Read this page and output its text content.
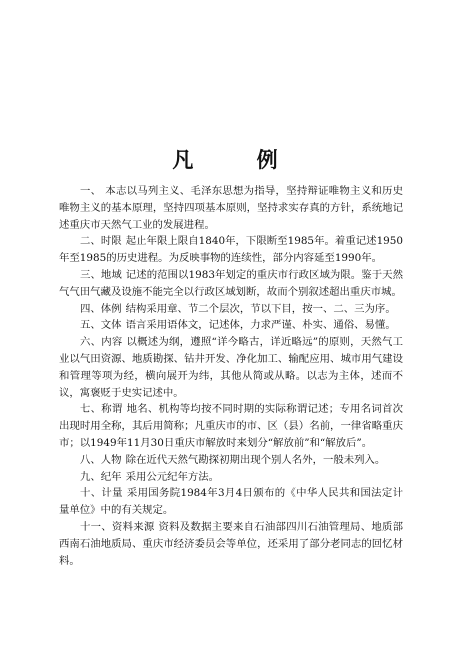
凡 例

一、 本志以马列主义、毛泽东思想为指导，坚持辩证唯物主义和历史唯物主义的基本原理，坚持四项基本原则，坚持求实存真的方针，系统地记述重庆市天然气工业的发展进程。

二、时限 起止年限上限自1840年，下限断至1985年。着重记述1950年至1985的历史进程。为反映事物的连续性，部分内容延至1990年。

三、地域 记述的范围以1983年划定的重庆市行政区域为限。鉴于天然气气田气藏及设施不能完全以行政区域划断，故而个别叙述超出重庆市城。

四、体例 结构采用章、节二个层次，节以下目，按一、二、三为序。

五、文体 语言采用语体文，记述体，力求严谨、朴实、通俗、易懂。

六、内容 以概述为纲，遵照“详今略古，详近略远”的原则，天然气工业以气田资源、地质勘探、钻井开发、净化加工、输配应用、城市用气建设和管理等项为经，横向展开为纬，其他从简或从略。以志为主体，述而不议，寓褒贬于史实记述中。

七、称谓 地名、机构等均按不同时期的实际称谓记述；专用名词首次出现时用全称，其后用简称；凡重庆市的市、区（县）名前，一律省略重庆市；以1949年11月30日重庆市解放时来划分“解放前”和“解放后”。

八、人物 除在近代天然气勘探初期出现个别人名外，一般未列入。

九、纪年 采用公元纪年方法。

十、计量 采用国务院1984年3月4日颁布的《中华人民共和国法定计量单位》中的有关规定。

十一、资料来源 资料及数据主要来自石油部四川石油管理局、地质部西南石油地质局、重庆市经济委员会等单位，还采用了部分老同志的回忆材料。
